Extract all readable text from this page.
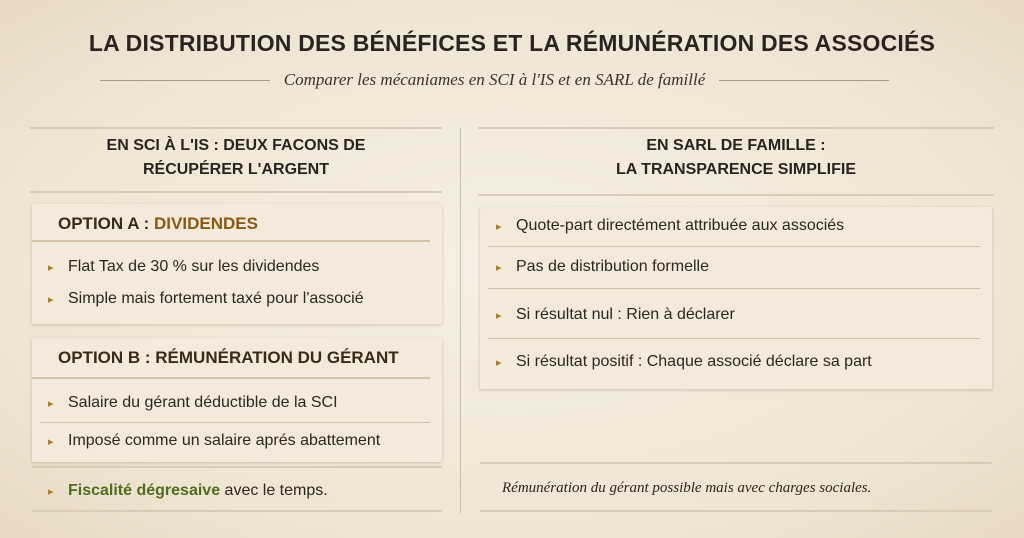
LA DISTRIBUTION DES BÉNÉFICES ET LA RÉMUNÉRATION DES ASSOCIÉS
Comparer les mécaniames en SCI à l'IS et en SARL de famillé
EN SCI À L'IS : DEUX FACONS DE
RÉCUPÉRER L'ARGENT
OPTION A : DIVIDENDES
▸ Flat Tax de 30 % sur les dividendes
▸ Simple mais fortement taxé pour l'associé
OPTION B : RÉMUNÉRATION DU GÉRANT
▸ Salaire du gérant déductible de la SCI
▸ Imposé comme un salaire aprés abattement
▸ Fiscalité dégresaive avec le temps.
EN SARL DE FAMILLE :
LA TRANSPARENCE SIMPLIFIE
▸ Quote-part directément attribuée aux associés
▸ Pas de distribution formelle
▸ Si résultat nul : Rien à déclarer
▸ Si résultat positif : Chaque associé déclare sa part
Rémunération du gérant possible mais avec charges sociales.
